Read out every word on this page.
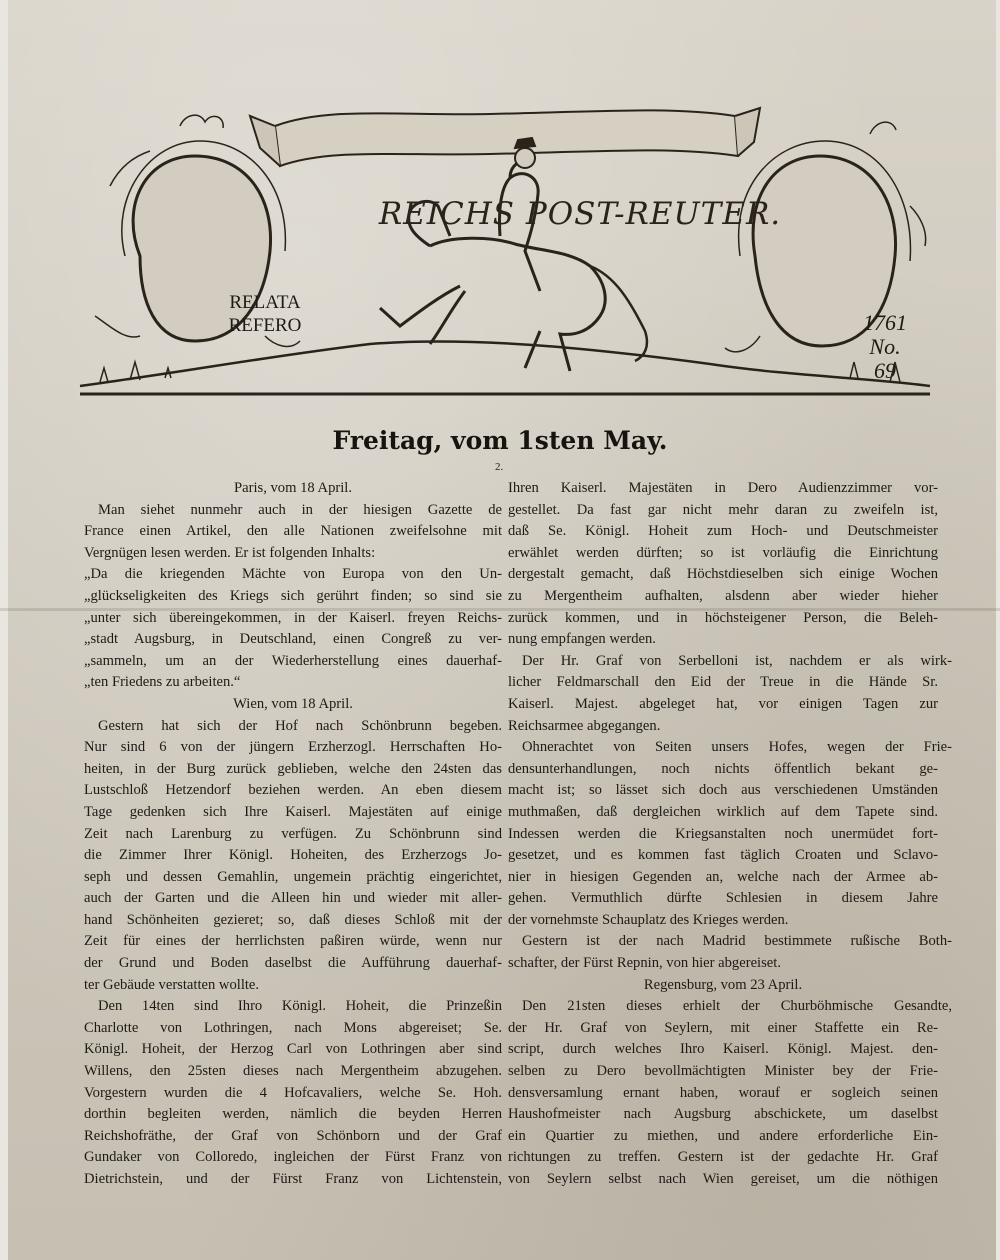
REICHS POST-REUTER.
RELATA
REFERO	1761
No.
69
2.
Freitag, vom 1sten May.
Paris, vom 18 April.
Man siehet nunmehr auch in der hiesigen Gazette de
France einen Artikel, den alle Nationen zweifelsohne mit
Vergnügen lesen werden. Er ist folgenden Inhalts:
„Da die kriegenden Mächte von Europa von den Un-
„glückseligkeiten des Kriegs sich gerührt finden; so sind sie
„unter sich übereingekommen, in der Kaiserl. freyen Reichs-
„stadt Augsburg, in Deutschland, einen Congreß zu ver-
„sammeln, um an der Wiederherstellung eines dauerhaf-
„ten Friedens zu arbeiten.“
Wien, vom 18 April.
Gestern hat sich der Hof nach Schönbrunn begeben.
Nur sind 6 von der jüngern Erzherzogl. Herrschaften Ho-
heiten, in der Burg zurück geblieben, welche den 24sten das
Lustschloß Hetzendorf beziehen werden. An eben diesem
Tage gedenken sich Ihre Kaiserl. Majestäten auf einige
Zeit nach Larenburg zu verfügen. Zu Schönbrunn sind
die Zimmer Ihrer Königl. Hoheiten, des Erzherzogs Jo-
seph und dessen Gemahlin, ungemein prächtig eingerichtet,
auch der Garten und die Alleen hin und wieder mit aller-
hand Schönheiten gezieret; so, daß dieses Schloß mit der
Zeit für eines der herrlichsten paßiren würde, wenn nur
der Grund und Boden daselbst die Aufführung dauerhaf-
ter Gebäude verstatten wollte.
Den 14ten sind Ihro Königl. Hoheit, die Prinzeßin
Charlotte von Lothringen, nach Mons abgereiset; Se.
Königl. Hoheit, der Herzog Carl von Lothringen aber sind
Willens, den 25sten dieses nach Mergentheim abzugehen.
Vorgestern wurden die 4 Hofcavaliers, welche Se. Hoh.
dorthin begleiten werden, nämlich die beyden Herren
Reichshofräthe, der Graf von Schönborn und der Graf
Gundaker von Colloredo, ingleichen der Fürst Franz von
Dietrichstein, und der Fürst Franz von Lichtenstein,
Ihren Kaiserl. Majestäten in Dero Audienzzimmer vor-
gestellet. Da fast gar nicht mehr daran zu zweifeln ist,
daß Se. Königl. Hoheit zum Hoch- und Deutschmeister
erwählet werden dürften; so ist vorläufig die Einrichtung
dergestalt gemacht, daß Höchstdieselben sich einige Wochen
zu Mergentheim aufhalten, alsdenn aber wieder hieher
zurück kommen, und in höchsteigener Person, die Beleh-
nung empfangen werden.
Der Hr. Graf von Serbelloni ist, nachdem er als wirk-
licher Feldmarschall den Eid der Treue in die Hände Sr.
Kaiserl. Majest. abgeleget hat, vor einigen Tagen zur
Reichsarmee abgegangen.
Ohnerachtet von Seiten unsers Hofes, wegen der Frie-
densunterhandlungen, noch nichts öffentlich bekant ge-
macht ist; so lässet sich doch aus verschiedenen Umständen
muthmaßen, daß dergleichen wirklich auf dem Tapete sind.
Indessen werden die Kriegsanstalten noch unermüdet fort-
gesetzet, und es kommen fast täglich Croaten und Sclavo-
nier in hiesigen Gegenden an, welche nach der Armee ab-
gehen. Vermuthlich dürfte Schlesien in diesem Jahre
der vornehmste Schauplatz des Krieges werden.
Gestern ist der nach Madrid bestimmete rußische Both-
schafter, der Fürst Repnin, von hier abgereiset.
Regensburg, vom 23 April.
Den 21sten dieses erhielt der Churböhmische Gesandte,
der Hr. Graf von Seylern, mit einer Staffette ein Re-
script, durch welches Ihro Kaiserl. Königl. Majest. den-
selben zu Dero bevollmächtigten Minister bey der Frie-
densversamlung ernant haben, worauf er sogleich seinen
Haushofmeister nach Augsburg abschickete, um daselbst
ein Quartier zu miethen, und andere erforderliche Ein-
richtungen zu treffen. Gestern ist der gedachte Hr. Graf
von Seylern selbst nach Wien gereiset, um die nöthigen
